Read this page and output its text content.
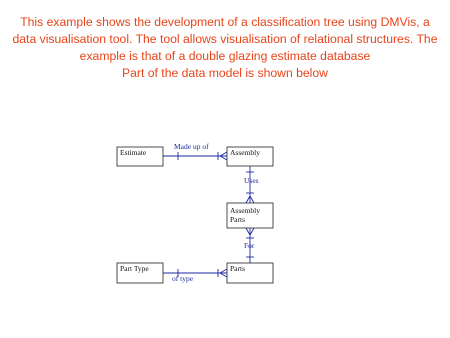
This example shows the development of a classification tree using DMVis, a
data visualisation tool. The tool allows visualisation of relational structures. The
example is that of a double glazing estimate database
Part of the data model is shown below
Estimate	Assembly
Assembly
Parts
Part Type	Parts
Made up of
Uses
For
of type
